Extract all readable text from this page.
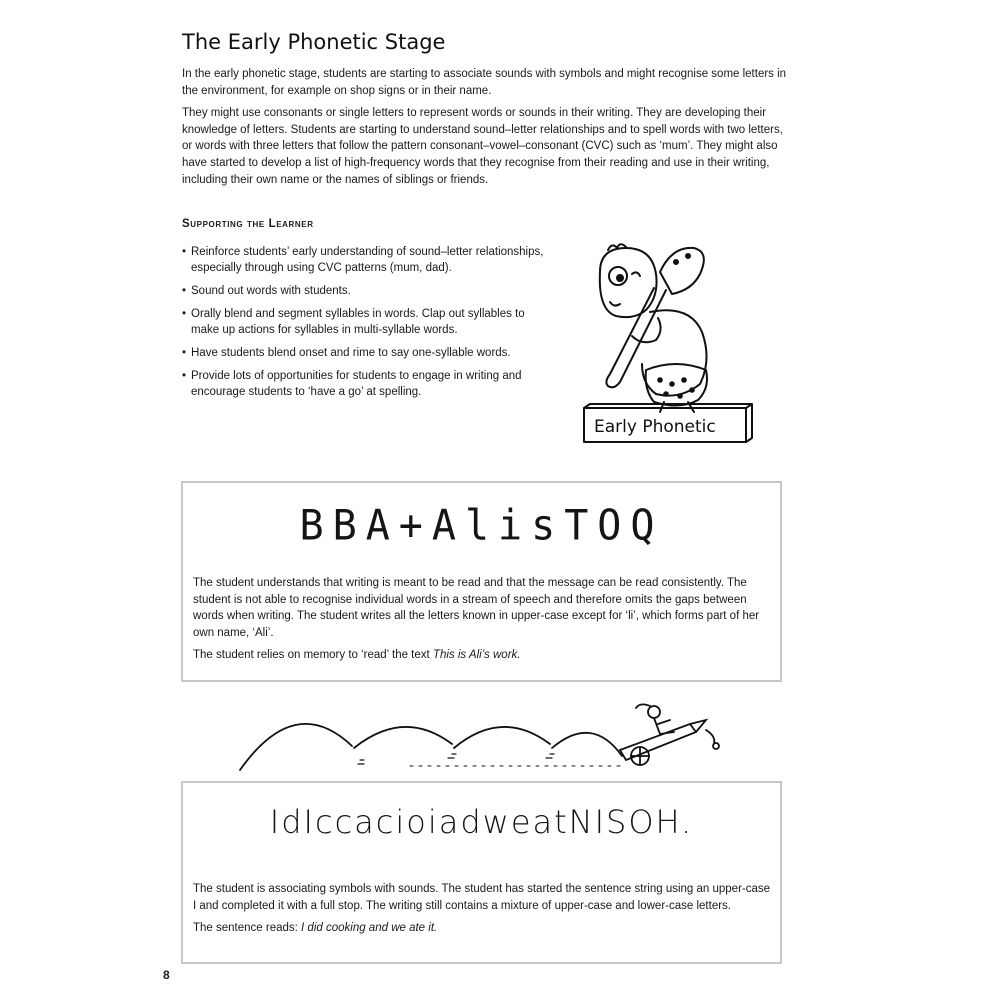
The Early Phonetic Stage

In the early phonetic stage, students are starting to associate sounds with symbols and might recognise some letters in the environment, for example on shop signs or in their name.

They might use consonants or single letters to represent words or sounds in their writing. They are developing their knowledge of letters. Students are starting to understand sound–letter relationships and to spell words with two letters, or words with three letters that follow the pattern consonant–vowel–consonant (CVC) such as ‘mum’. They might also have started to develop a list of high-frequency words that they recognise from their reading and use in their writing, including their own name or the names of siblings or friends.

Supporting the Learner
• Reinforce students’ early understanding of sound–letter relationships, especially through using CVC patterns (mum, dad).
• Sound out words with students.
• Orally blend and segment syllables in words. Clap out syllables to make up actions for syllables in multi-syllable words.
• Have students blend onset and rime to say one-syllable words.
• Provide lots of opportunities for students to engage in writing and encourage students to ‘have a go’ at spelling.
Early Phonetic
BBA+AlisTOQ

The student understands that writing is meant to be read and that the message can be read consistently. The student is not able to recognise individual words in a stream of speech and therefore omits the gaps between words when writing. The student writes all the letters known in upper-case except for ‘li’, which forms part of her own name, ‘Ali’.

The student relies on memory to ‘read’ the text This is Ali’s work.

IdIccacioiadweatNISOH.

The student is associating symbols with sounds. The student has started the sentence string using an upper-case I and completed it with a full stop. The writing still contains a mixture of upper-case and lower-case letters.

The sentence reads: I did cooking and we ate it.

8
